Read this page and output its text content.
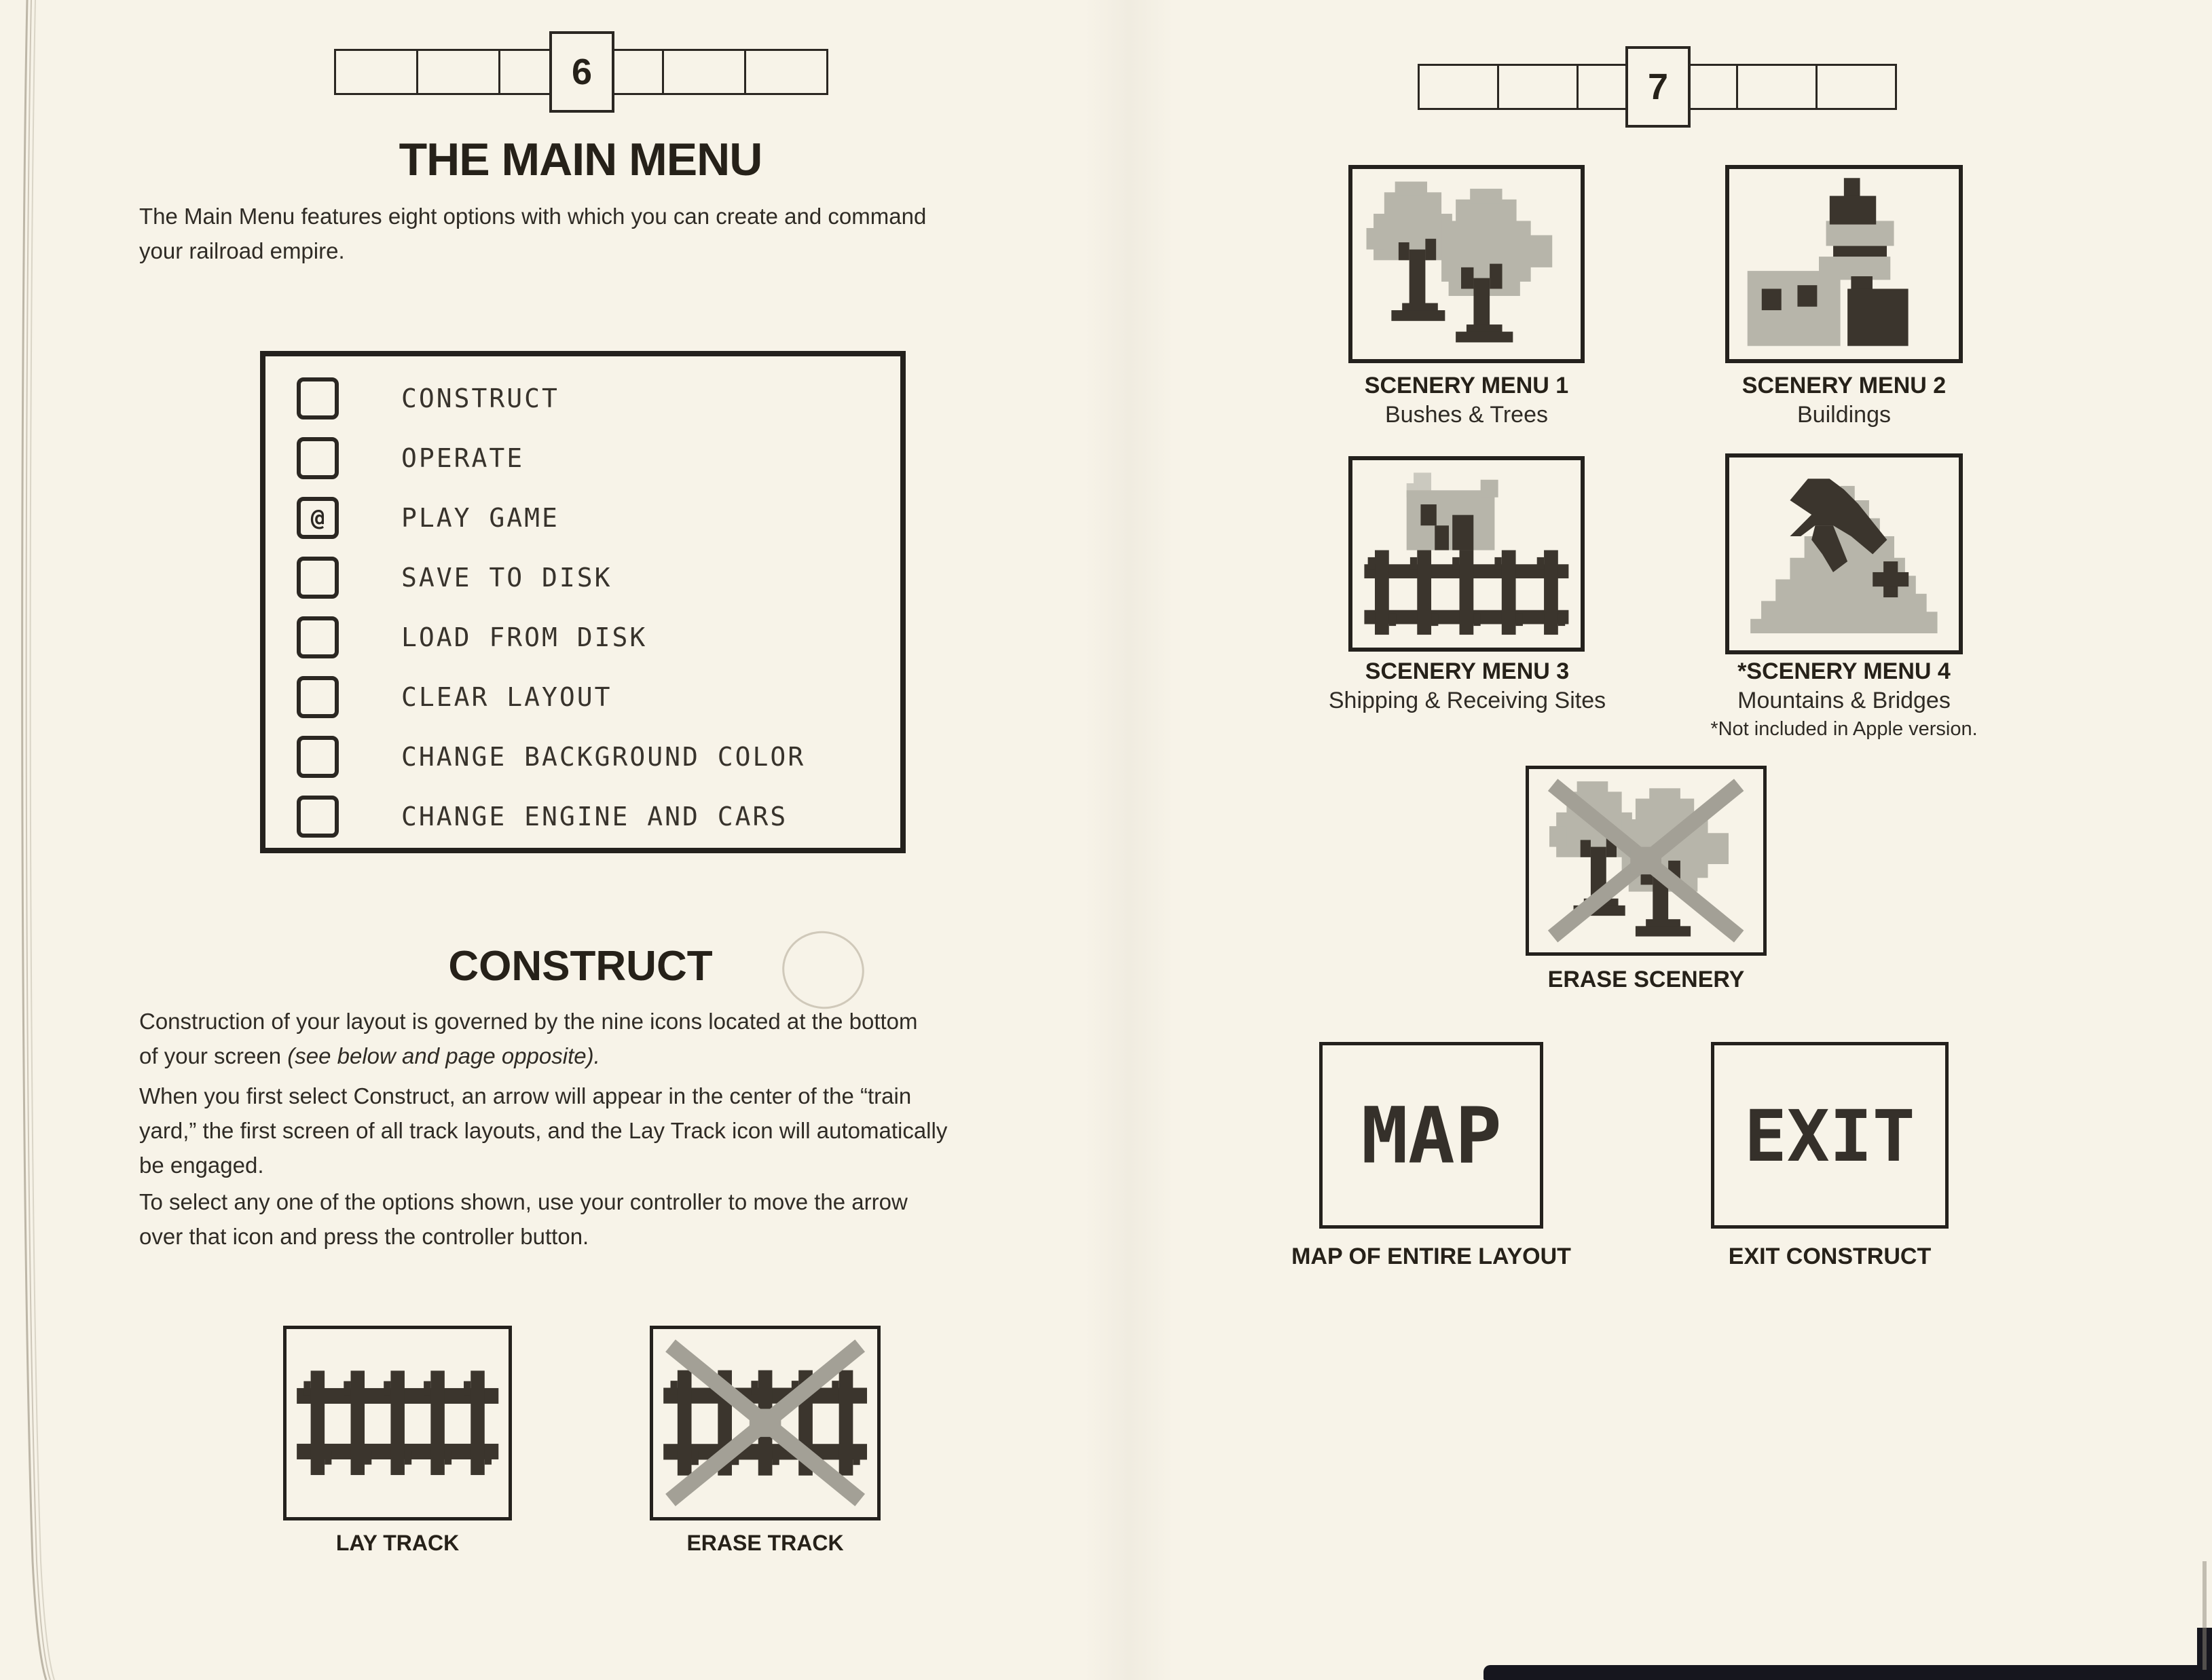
6
THE MAIN MENU
The Main Menu features eight options with which you can create and command
your railroad empire.
CONSTRUCT
OPERATE
@	PLAY GAME
SAVE TO DISK
LOAD FROM DISK
CLEAR LAYOUT
CHANGE BACKGROUND COLOR
CHANGE ENGINE AND CARS
CONSTRUCT
Construction of your layout is governed by the nine icons located at the bottom
of your screen (see below and page opposite).
When you first select Construct, an arrow will appear in the center of the “train
yard,” the first screen of all track layouts, and the Lay Track icon will automatically
be engaged.
To select any one of the options shown, use your controller to move the arrow
over that icon and press the controller button.
LAY TRACK	ERASE TRACK
7
SCENERY MENU 1
Bushes & Trees
SCENERY MENU 2
Buildings
SCENERY MENU 3
Shipping & Receiving Sites
*SCENERY MENU 4
Mountains & Bridges
*Not included in Apple version.
ERASE SCENERY
MAP	EXIT
MAP OF ENTIRE LAYOUT	EXIT CONSTRUCT
